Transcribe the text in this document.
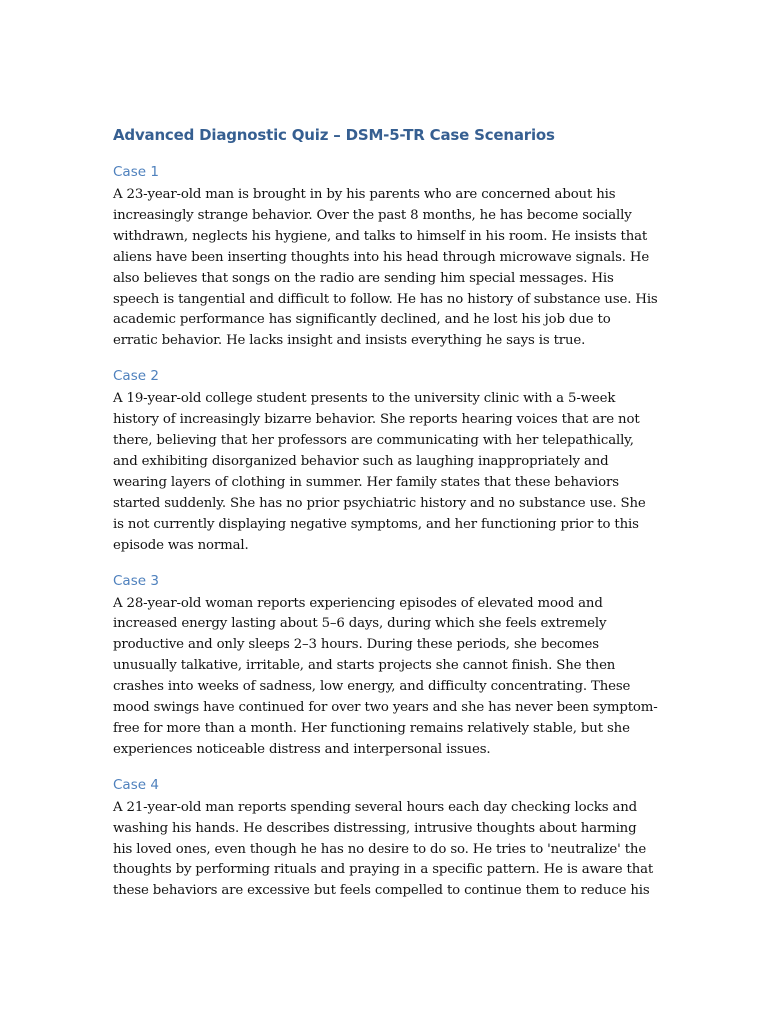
Advanced Diagnostic Quiz – DSM-5-TR Case Scenarios
Case 1

A 23-year-old man is brought in by his parents who are concerned about his increasingly strange behavior. Over the past 8 months, he has become socially withdrawn, neglects his hygiene, and talks to himself in his room. He insists that aliens have been inserting thoughts into his head through microwave signals. He also believes that songs on the radio are sending him special messages. His speech is tangential and difficult to follow. He has no history of substance use. His academic performance has significantly declined, and he lost his job due to erratic behavior. He lacks insight and insists everything he says is true.

Case 2

A 19-year-old college student presents to the university clinic with a 5-week history of increasingly bizarre behavior. She reports hearing voices that are not there, believing that her professors are communicating with her telepathically, and exhibiting disorganized behavior such as laughing inappropriately and wearing layers of clothing in summer. Her family states that these behaviors started suddenly. She has no prior psychiatric history and no substance use. She is not currently displaying negative symptoms, and her functioning prior to this episode was normal.

Case 3

A 28-year-old woman reports experiencing episodes of elevated mood and increased energy lasting about 5–6 days, during which she feels extremely productive and only sleeps 2–3 hours. During these periods, she becomes unusually talkative, irritable, and starts projects she cannot finish. She then crashes into weeks of sadness, low energy, and difficulty concentrating. These mood swings have continued for over two years and she has never been symptom-free for more than a month. Her functioning remains relatively stable, but she experiences noticeable distress and interpersonal issues.

Case 4

A 21-year-old man reports spending several hours each day checking locks and washing his hands. He describes distressing, intrusive thoughts about harming his loved ones, even though he has no desire to do so. He tries to 'neutralize' the thoughts by performing rituals and praying in a specific pattern. He is aware that these behaviors are excessive but feels compelled to continue them to reduce his
